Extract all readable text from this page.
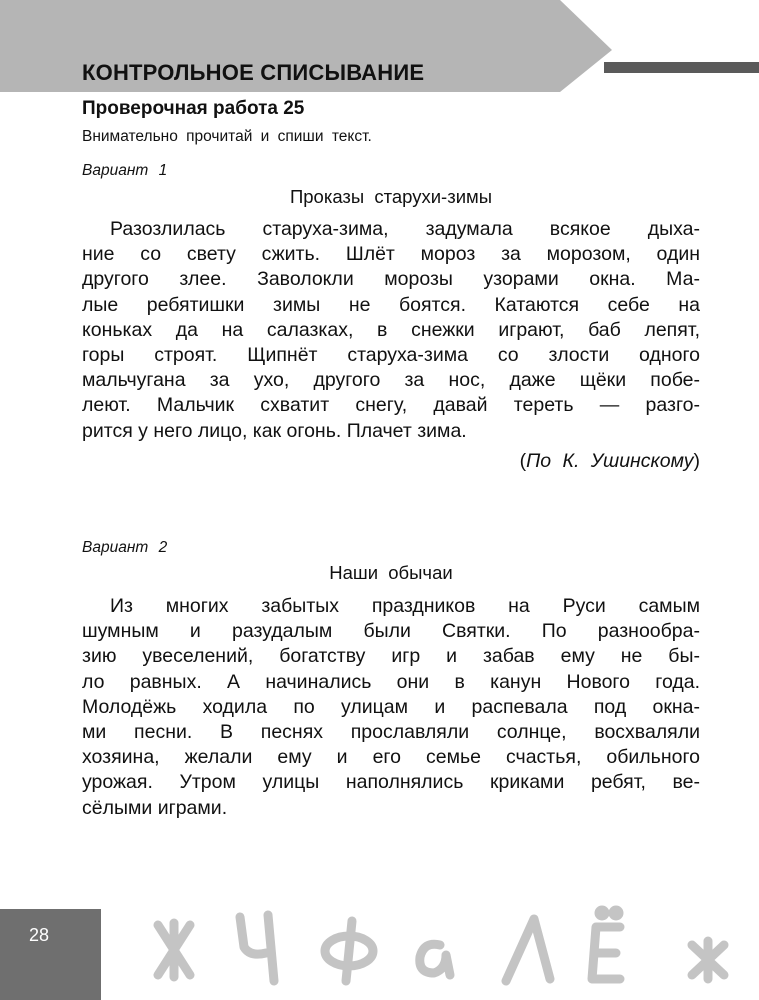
КОНТРОЛЬНОЕ СПИСЫВАНИЕ
Проверочная работа 25

Внимательно прочитай и спиши текст.

Вариант 1

Проказы старухи-зимы

Разозлилась старуха-зима, задумала всякое дыха-
ние со свету сжить. Шлёт мороз за морозом, один
другого злее. Заволокли морозы узорами окна. Ма-
лые ребятишки зимы не боятся. Катаются себе на
коньках да на салазках, в снежки играют, баб лепят,
горы строят. Щипнёт старуха-зима со злости одного
мальчугана за ухо, другого за нос, даже щёки побе-
леют. Мальчик схватит снегу, давай тереть — разго-
рится у него лицо, как огонь. Плачет зима.

(По К. Ушинскому)

Вариант 2

Наши обычаи

Из многих забытых праздников на Руси самым
шумным и разудалым были Святки. По разнообра-
зию увеселений, богатству игр и забав ему не бы-
ло равных. А начинались они в канун Нового года.
Молодёжь ходила по улицам и распевала под окна-
ми песни. В песнях прославляли солнце, восхваляли
хозяина, желали ему и его семье счастья, обильного
урожая. Утром улицы наполнялись криками ребят, ве-
сёлыми играми.
28
